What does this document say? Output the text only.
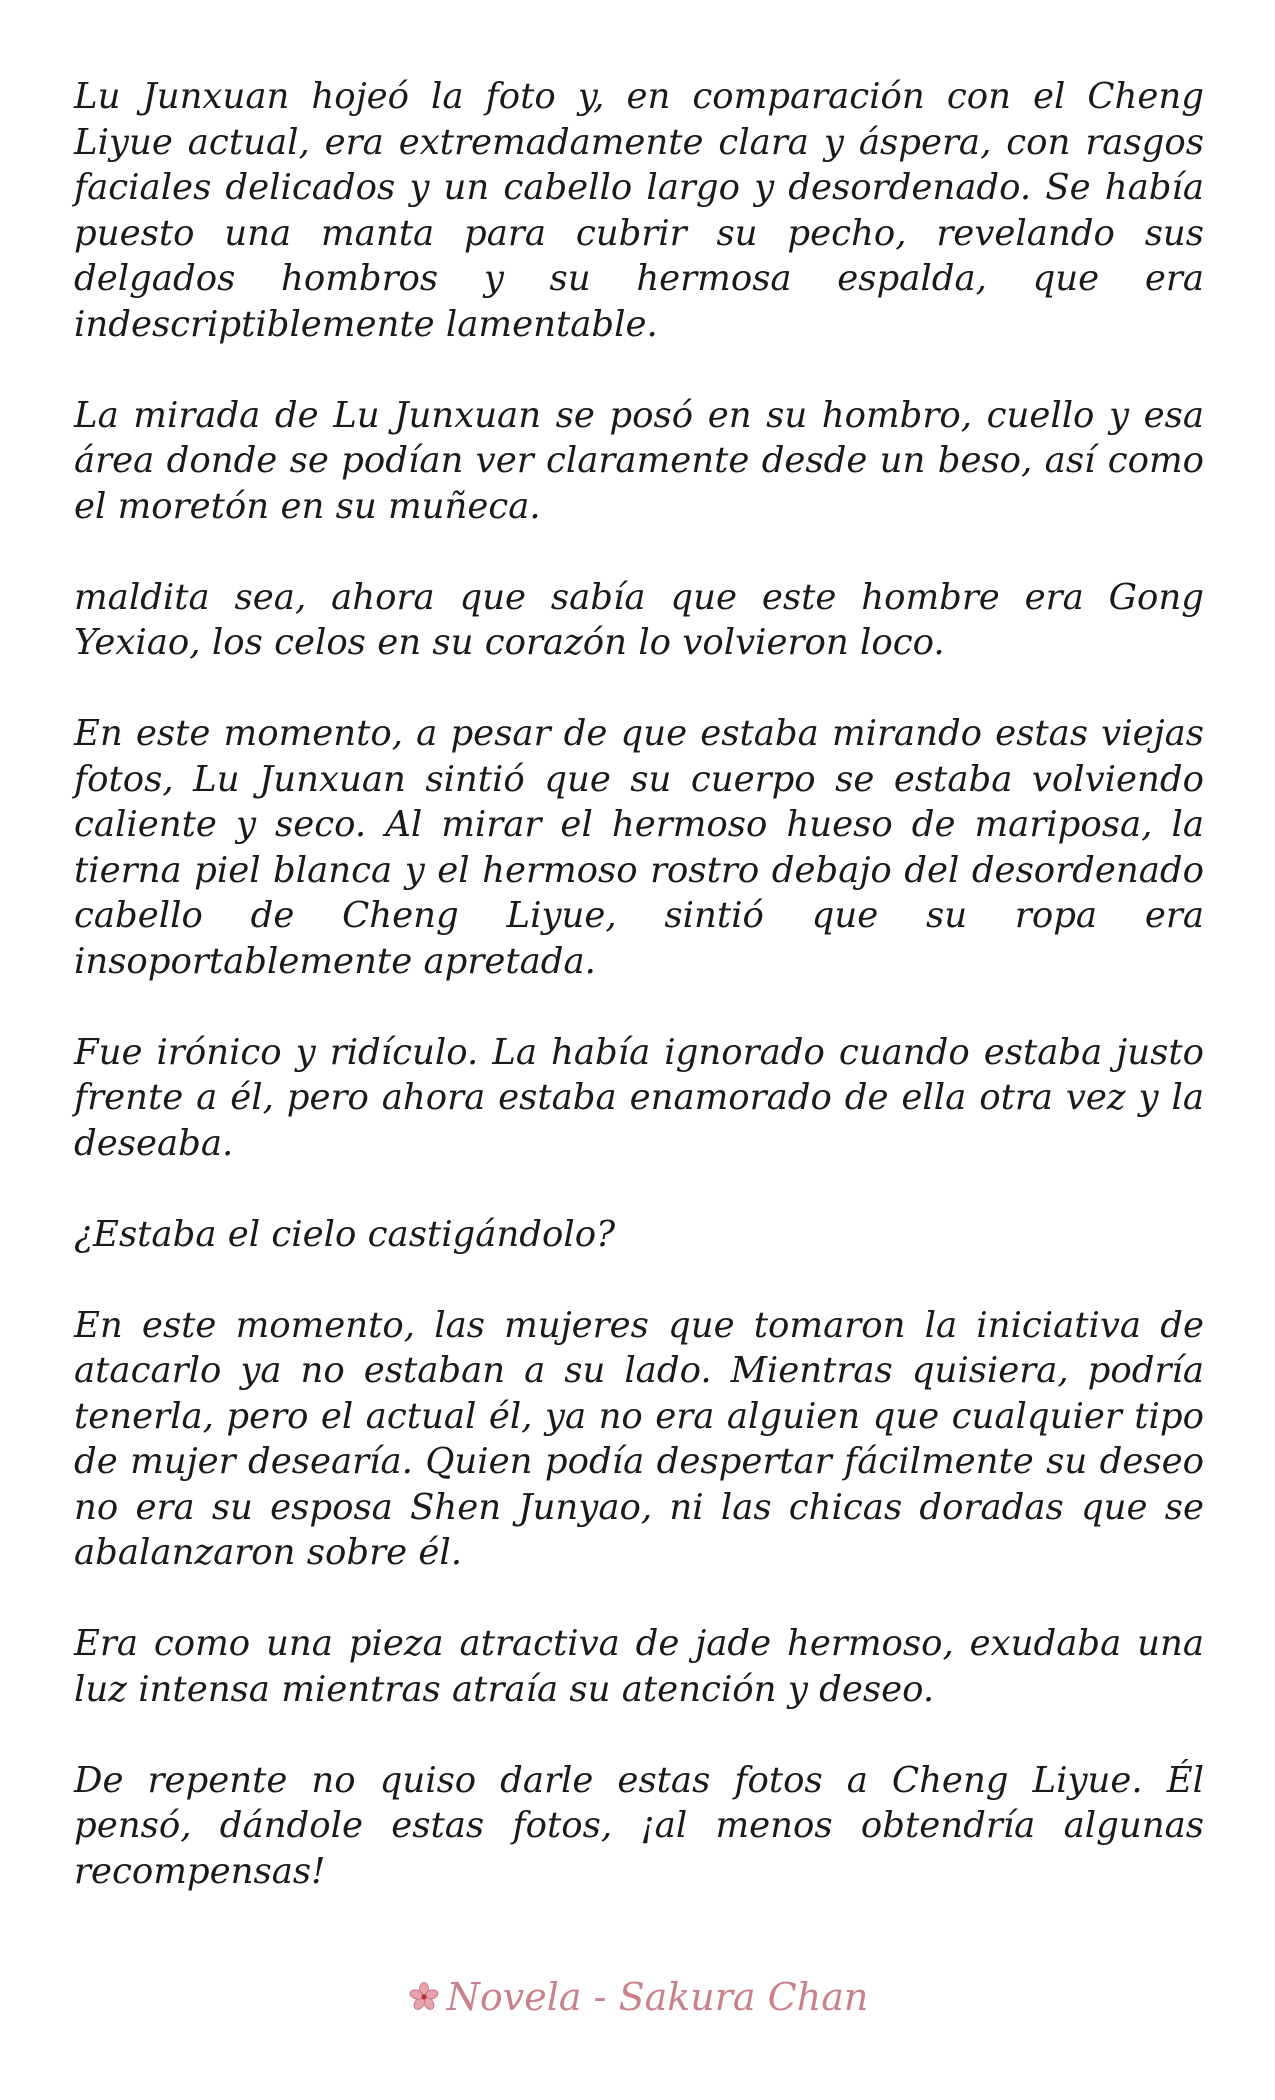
Lu Junxuan hojeó la foto y, en comparación con el Cheng Liyue actual, era extremadamente clara y áspera, con rasgos faciales delicados y un cabello largo y desordenado. Se había puesto una manta para cubrir su pecho, revelando sus delgados hombros y su hermosa espalda, que era indescriptiblemente lamentable.

La mirada de Lu Junxuan se posó en su hombro, cuello y esa área donde se podían ver claramente desde un beso, así como el moretón en su muñeca.

maldita sea, ahora que sabía que este hombre era Gong Yexiao, los celos en su corazón lo volvieron loco.

En este momento, a pesar de que estaba mirando estas viejas fotos, Lu Junxuan sintió que su cuerpo se estaba volviendo caliente y seco. Al mirar el hermoso hueso de mariposa, la tierna piel blanca y el hermoso rostro debajo del desordenado cabello de Cheng Liyue, sintió que su ropa era insoportablemente apretada.

Fue irónico y ridículo. La había ignorado cuando estaba justo frente a él, pero ahora estaba enamorado de ella otra vez y la deseaba.

¿Estaba el cielo castigándolo?

En este momento, las mujeres que tomaron la iniciativa de atacarlo ya no estaban a su lado. Mientras quisiera, podría tenerla, pero el actual él, ya no era alguien que cualquier tipo de mujer desearía. Quien podía despertar fácilmente su deseo no era su esposa Shen Junyao, ni las chicas doradas que se abalanzaron sobre él.

Era como una pieza atractiva de jade hermoso, exudaba una luz intensa mientras atraía su atención y deseo.

De repente no quiso darle estas fotos a Cheng Liyue. Él pensó, dándole estas fotos, ¡al menos obtendría algunas recompensas!

Novela - Sakura Chan
